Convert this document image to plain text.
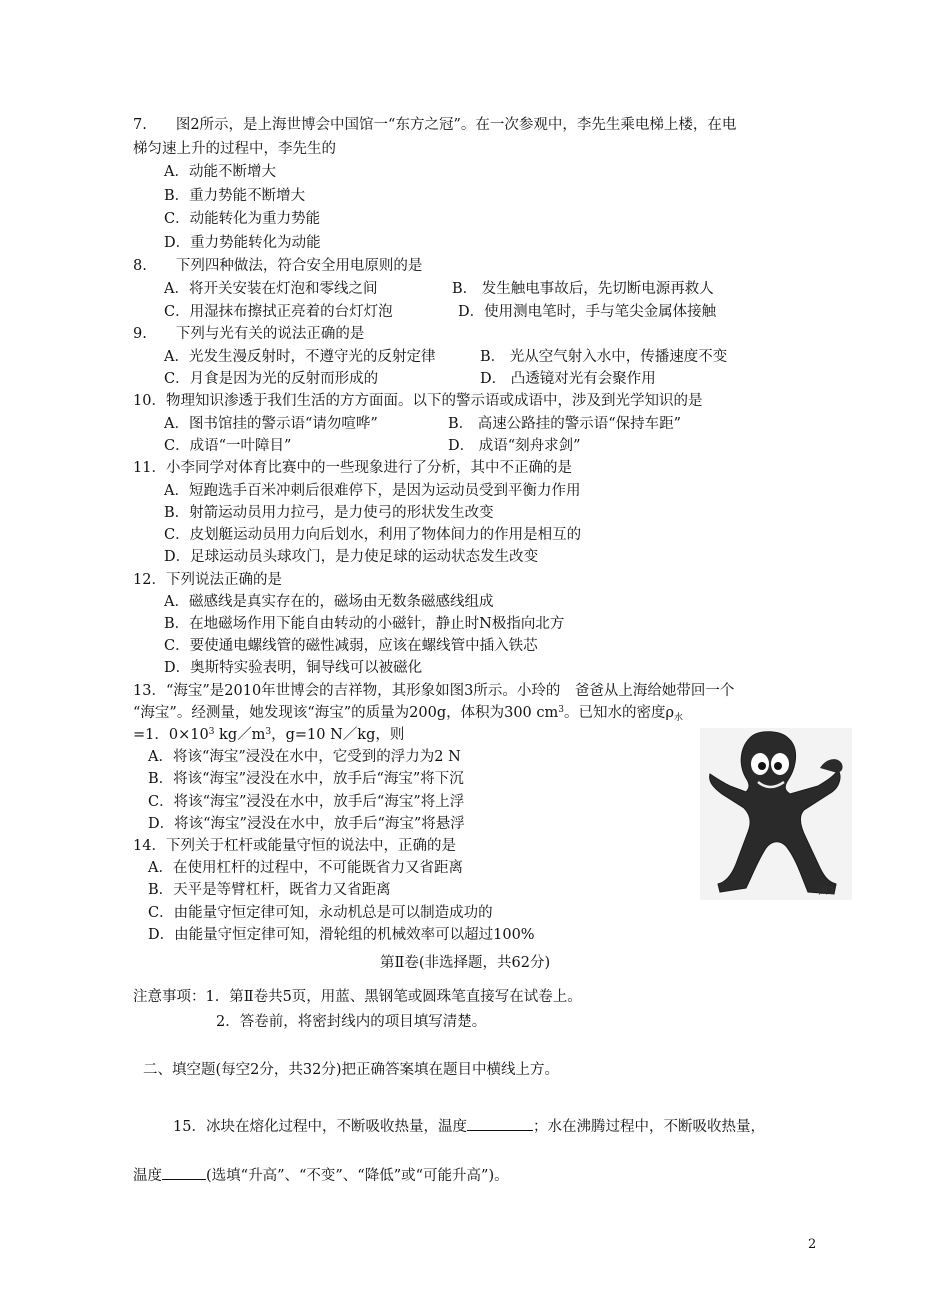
7.　　图2所示，是上海世博会中国馆一“东方之冠”。在一次参观中，李先生乘电梯上楼，在电
梯匀速上升的过程中，李先生的
A．动能不断增大
B．重力势能不断增大
C．动能转化为重力势能
D．重力势能转化为动能
8.　　下列四种做法，符合安全用电原则的是
A．将开关安装在灯泡和零线之间	B． 发生触电事故后，先切断电源再救人
C．用湿抹布擦拭正亮着的台灯灯泡	D．使用测电笔时，手与笔尖金属体接触
9.　　下列与光有关的说法正确的是
A．光发生漫反射时，不遵守光的反射定律	B． 光从空气射入水中，传播速度不变
C．月食是因为光的反射而形成的	D． 凸透镜对光有会聚作用
10．物理知识渗透于我们生活的方方面面。以下的警示语或成语中，涉及到光学知识的是
A．图书馆挂的警示语“请勿喧哗”	B． 高速公路挂的警示语“保持车距”
C．成语“一叶障目”	D． 成语“刻舟求剑”
11．小李同学对体育比赛中的一些现象进行了分析，其中不正确的是
A．短跑选手百米冲刺后很难停下，是因为运动员受到平衡力作用
B．射箭运动员用力拉弓，是力使弓的形状发生改变
C．皮划艇运动员用力向后划水，利用了物体间力的作用是相互的
D．足球运动员头球攻门，是力使足球的运动状态发生改变
12．下列说法正确的是
A．磁感线是真实存在的，磁场由无数条磁感线组成
B．在地磁场作用下能自由转动的小磁针，静止时N极指向北方
C．要使通电螺线管的磁性减弱，应该在螺线管中插入铁芯
D．奥斯特实验表明，铜导线可以被磁化
13．“海宝”是2010年世博会的吉祥物，其形象如图3所示。小玲的　爸爸从上海给她带回一个
“海宝”。经测量，她发现该“海宝”的质量为200g，体积为300 $cm^3$。已知水的密度$\rho_水$
=1．$0\times 10^3$ $kg/m^3$，g=10 N／kg，则
A．将该“海宝”浸没在水中，它受到的浮力为2 N
B．将该“海宝”浸没在水中，放手后“海宝”将下沉
C．将该“海宝”浸没在水中，放手后“海宝”将上浮
D．将该“海宝”浸没在水中，放手后“海宝”将悬浮
图3
14．下列关于杠杆或能量守恒的说法中，正确的是
A．在使用杠杆的过程中，不可能既省力又省距离
B．天平是等臂杠杆，既省力又省距离
C．由能量守恒定律可知，永动机总是可以制造成功的
D．由能量守恒定律可知，滑轮组的机械效率可以超过100%
第Ⅱ卷(非选择题，共62分)
注意事项：1．第Ⅱ卷共5页，用蓝、黑钢笔或圆珠笔直接写在试卷上。
2．答卷前，将密封线内的项目填写清楚。
二、填空题(每空2分，共32分)把正确答案填在题目中横线上方。
15．冰块在熔化过程中，不断吸收热量，温度	；水在沸腾过程中，不断吸收热量，
温度	(选填“升高”、“不变”、“降低”或“可能升高”)。
2
